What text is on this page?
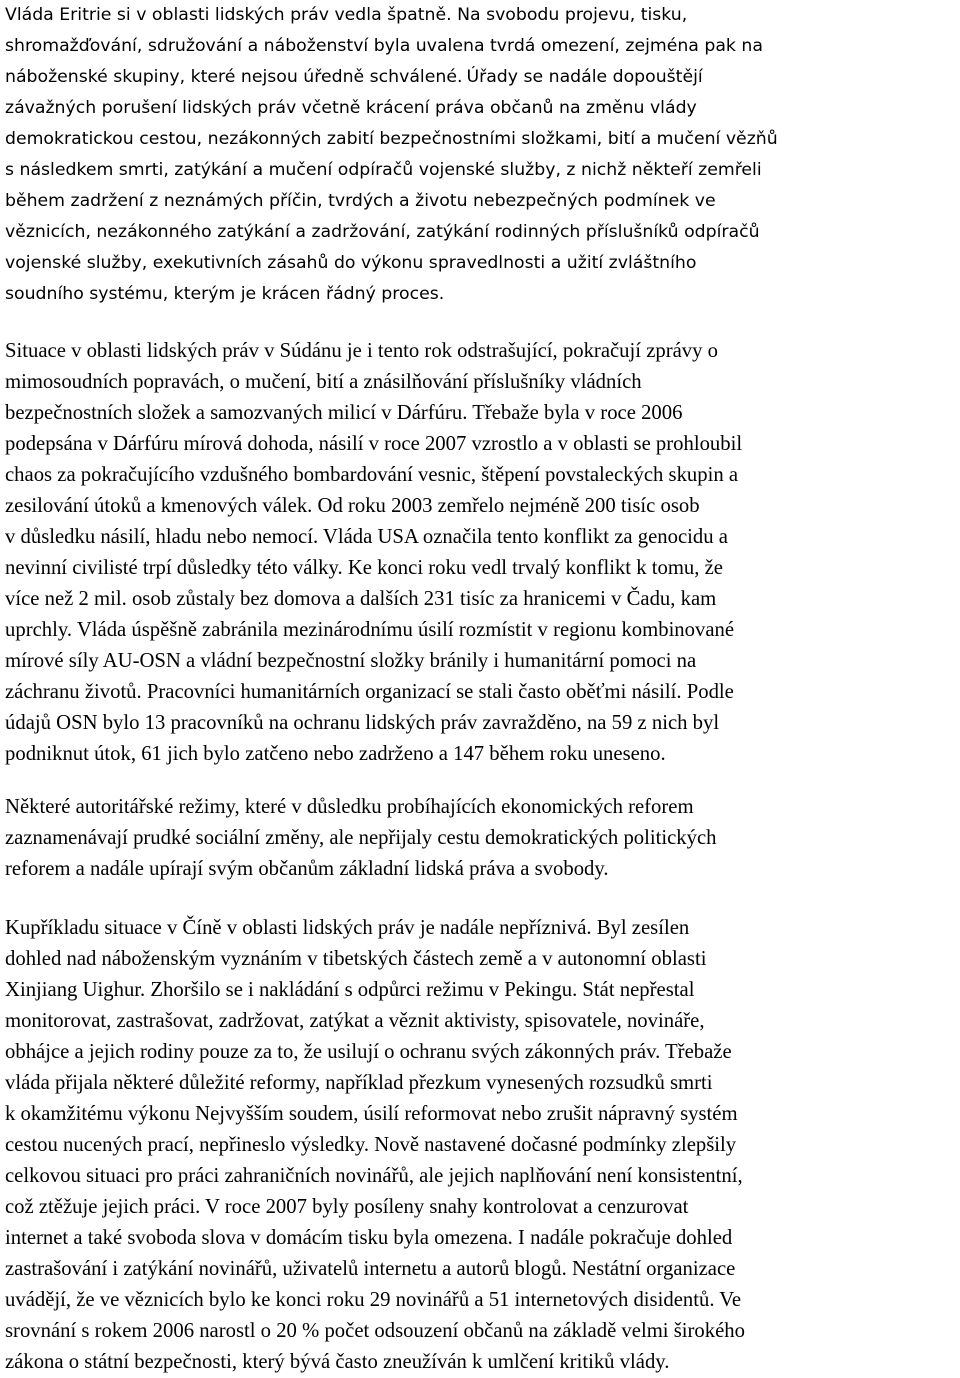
Vláda Eritrie si v oblasti lidských práv vedla špatně. Na svobodu projevu, tisku,
shromažďování, sdružování a náboženství byla uvalena tvrdá omezení, zejména pak na
náboženské skupiny, které nejsou úředně schválené. Úřady se nadále dopouštějí
závažných porušení lidských práv včetně krácení práva občanů na změnu vlády
demokratickou cestou, nezákonných zabití bezpečnostními složkami, bití a mučení vězňů
s následkem smrti, zatýkání a mučení odpíračů vojenské služby, z nichž někteří zemřeli
během zadržení z neznámých příčin, tvrdých a životu nebezpečných podmínek ve
věznicích, nezákonného zatýkání a zadržování, zatýkání rodinných příslušníků odpíračů
vojenské služby, exekutivních zásahů do výkonu spravedlnosti a užití zvláštního
soudního systému, kterým je krácen řádný proces.
Situace v oblasti lidských práv v Súdánu je i tento rok odstrašující, pokračují zprávy o
mimosoudních popravách, o mučení, bití a znásilňování příslušníky vládních
bezpečnostních složek a samozvaných milicí v Dárfúru. Třebaže byla v roce 2006
podepsána v Dárfúru mírová dohoda, násilí v roce 2007 vzrostlo a v oblasti se prohloubil
chaos za pokračujícího vzdušného bombardování vesnic, štěpení povstaleckých skupin a
zesilování útoků a kmenových válek. Od roku 2003 zemřelo nejméně 200 tisíc osob
v důsledku násilí, hladu nebo nemocí. Vláda USA označila tento konflikt za genocidu a
nevinní civilisté trpí důsledky této války. Ke konci roku vedl trvalý konflikt k tomu, že
více než 2 mil. osob zůstaly bez domova a dalších 231 tisíc za hranicemi v Čadu, kam
uprchly. Vláda úspěšně zabránila mezinárodnímu úsilí rozmístit v regionu kombinované
mírové síly AU-OSN a vládní bezpečnostní složky bránily i humanitární pomoci na
záchranu životů. Pracovníci humanitárních organizací se stali často oběťmi násilí. Podle
údajů OSN bylo 13 pracovníků na ochranu lidských práv zavražděno, na 59 z nich byl
podniknut útok, 61 jich bylo zatčeno nebo zadrženo a 147 během roku uneseno.
Některé autoritářské režimy, které v důsledku probíhajících ekonomických reforem
zaznamenávají prudké sociální změny, ale nepřijaly cestu demokratických politických
reforem a nadále upírají svým občanům základní lidská práva a svobody.
Kupříkladu situace v Číně v oblasti lidských práv je nadále nepříznivá. Byl zesílen
dohled nad náboženským vyznáním v tibetských částech země a v autonomní oblasti
Xinjiang Uighur. Zhoršilo se i nakládání s odpůrci režimu v Pekingu. Stát nepřestal
monitorovat, zastrašovat, zadržovat, zatýkat a věznit aktivisty, spisovatele, novináře,
obhájce a jejich rodiny pouze za to, že usilují o ochranu svých zákonných práv. Třebaže
vláda přijala některé důležité reformy, například přezkum vynesených rozsudků smrti
k okamžitému výkonu Nejvyšším soudem, úsilí reformovat nebo zrušit nápravný systém
cestou nucených prací, nepřineslo výsledky. Nově nastavené dočasné podmínky zlepšily
celkovou situaci pro práci zahraničních novinářů, ale jejich naplňování není konsistentní,
což ztěžuje jejich práci. V roce 2007 byly posíleny snahy kontrolovat a cenzurovat
internet a také svoboda slova v domácím tisku byla omezena. I nadále pokračuje dohled
zastrašování i zatýkání novinářů, uživatelů internetu a autorů blogů. Nestátní organizace
uvádějí, že ve věznicích bylo ke konci roku 29 novinářů a 51 internetových disidentů. Ve
srovnání s rokem 2006 narostl o 20 % počet odsouzení občanů na základě velmi širokého
zákona o státní bezpečnosti, který bývá často zneužíván k umlčení kritiků vlády.
